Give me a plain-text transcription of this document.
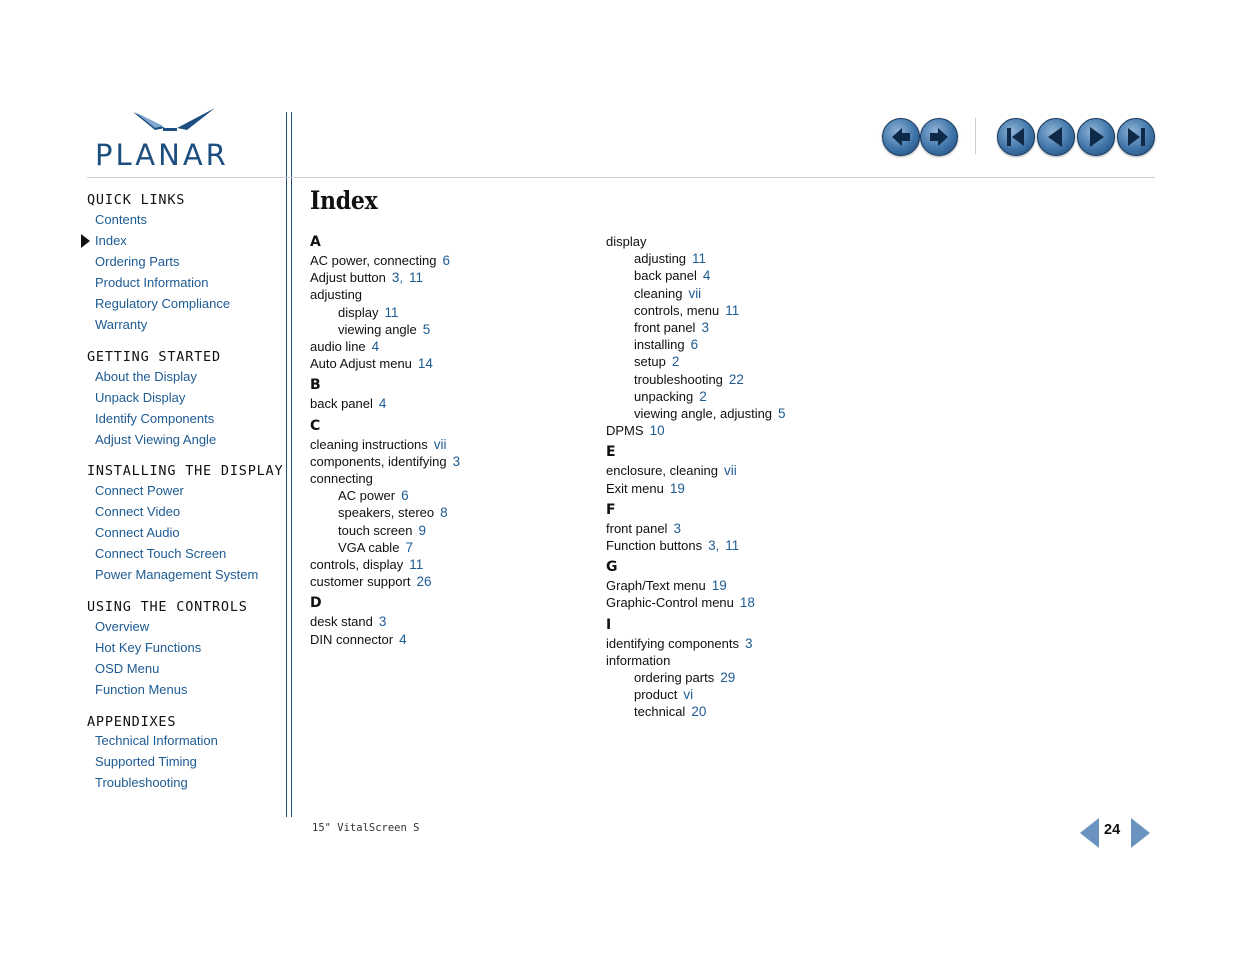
PLANAR
QUICK LINKS
Contents
Index
Ordering Parts
Product Information
Regulatory Compliance
Warranty
GETTING STARTED
About the Display
Unpack Display
Identify Components
Adjust Viewing Angle
INSTALLING THE DISPLAY
Connect Power
Connect Video
Connect Audio
Connect Touch Screen
Power Management System
USING THE CONTROLS
Overview
Hot Key Functions
OSD Menu
Function Menus
APPENDIXES
Technical Information
Supported Timing
Troubleshooting
Index
A
AC power, connecting 6
Adjust button 3, 11
adjusting
display 11
viewing angle 5
audio line 4
Auto Adjust menu 14
B
back panel 4
C
cleaning instructions vii
components, identifying 3
connecting
AC power 6
speakers, stereo 8
touch screen 9
VGA cable 7
controls, display 11
customer support 26
D
desk stand 3
DIN connector 4
display
adjusting 11
back panel 4
cleaning vii
controls, menu 11
front panel 3
installing 6
setup 2
troubleshooting 22
unpacking 2
viewing angle, adjusting 5
DPMS 10
E
enclosure, cleaning vii
Exit menu 19
F
front panel 3
Function buttons 3, 11
G
Graph/Text menu 19
Graphic-Control menu 18
I
identifying components 3
information
ordering parts 29
product vi
technical 20
15" VitalScreen S	24
